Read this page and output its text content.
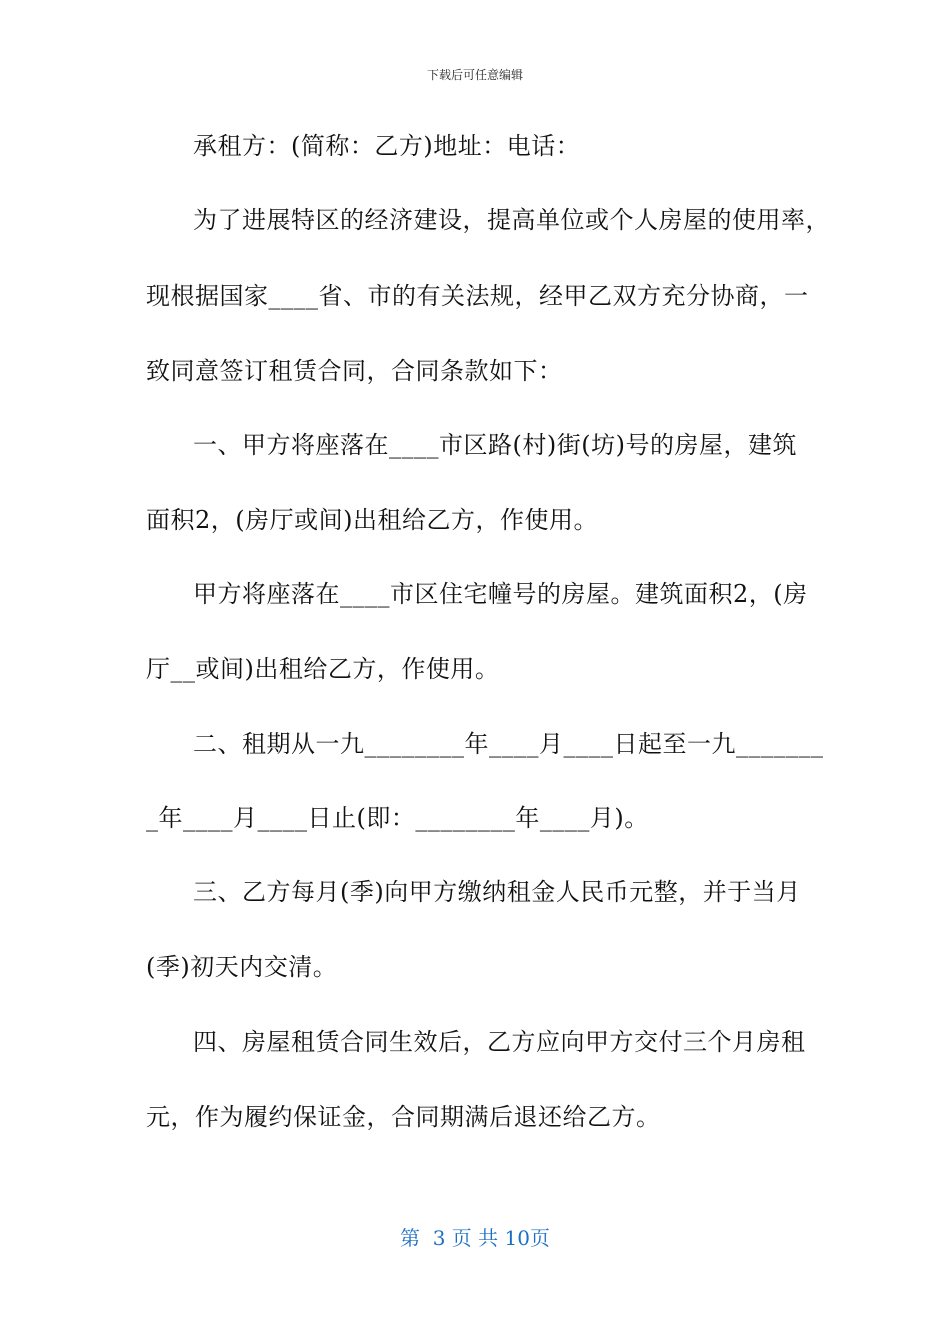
下载后可任意编辑

承租方：(简称：乙方)地址：电话：

为了进展特区的经济建设，提高单位或个人房屋的使用率，

现根据国家____省、市的有关法规，经甲乙双方充分协商，一

致同意签订租赁合同，合同条款如下：

一、甲方将座落在____市区路(村)街(坊)号的房屋，建筑

面积2，(房厅或间)出租给乙方，作使用。

甲方将座落在____市区住宅幢号的房屋。建筑面积2，(房

厅__或间)出租给乙方，作使用。

二、租期从一九________年____月____日起至一九_______

_年____月____日止(即：________年____月)。

三、乙方每月(季)向甲方缴纳租金人民币元整，并于当月

(季)初天内交清。

四、房屋租赁合同生效后，乙方应向甲方交付三个月房租

元，作为履约保证金，合同期满后退还给乙方。

第  3 页 共 10页
